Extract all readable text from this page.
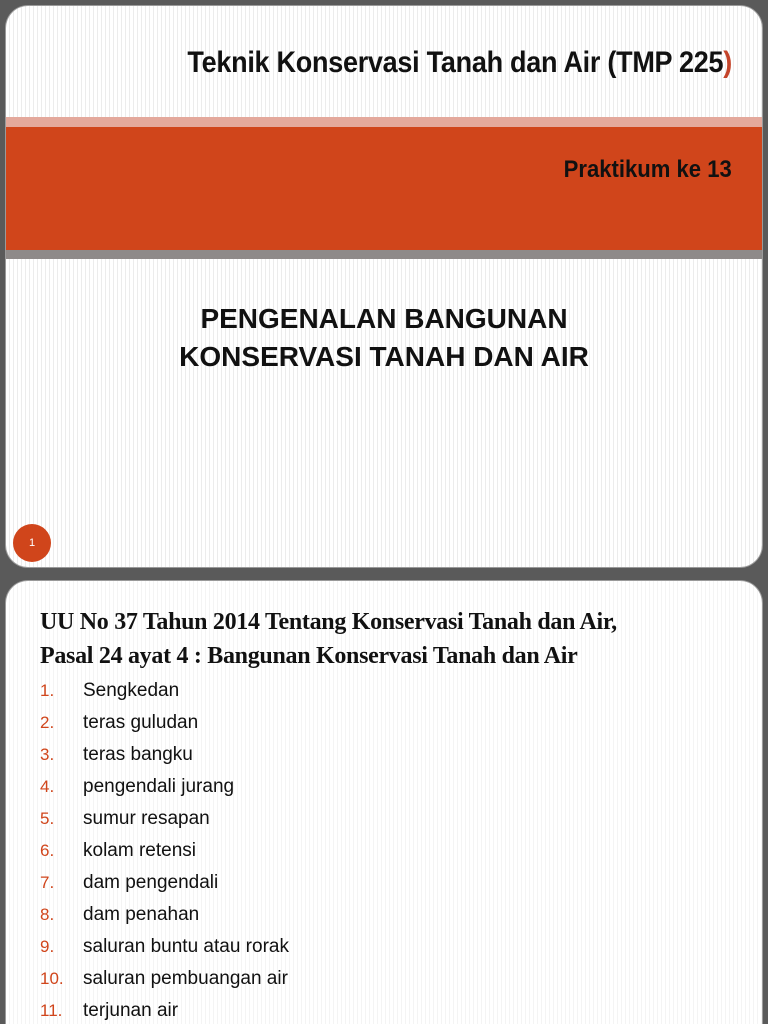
Teknik Konservasi Tanah dan Air (TMP 225)
Praktikum ke 13
PENGENALAN BANGUNAN
KONSERVASI TANAH DAN AIR
1
UU No 37 Tahun 2014 Tentang Konservasi Tanah dan Air,
Pasal 24 ayat 4 : Bangunan Konservasi Tanah dan Air
1.	Sengkedan
2.	teras guludan
3.	teras bangku
4.	pengendali jurang
5.	sumur resapan
6.	kolam retensi
7.	dam pengendali
8.	dam penahan
9.	saluran buntu atau rorak
10.	saluran pembuangan air
11.	terjunan air
